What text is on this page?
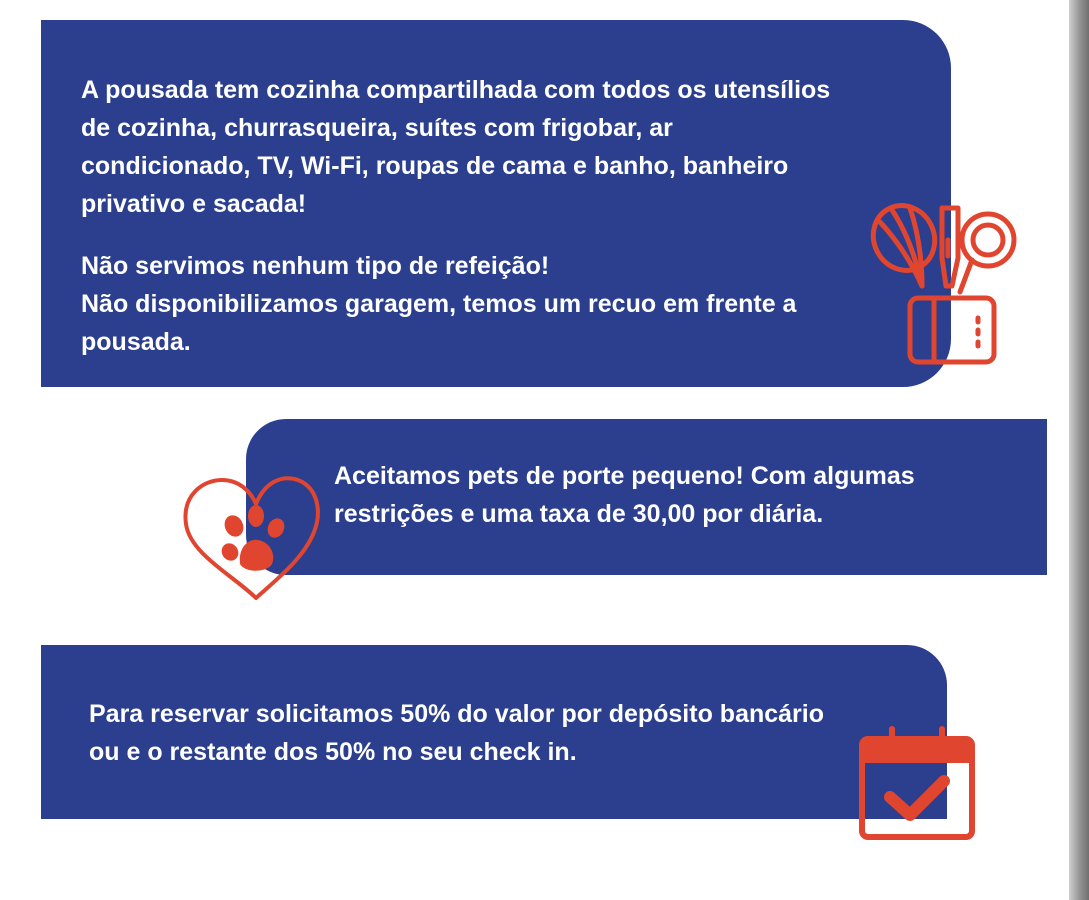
A pousada tem cozinha compartilhada com todos os utensílios
de cozinha, churrasqueira, suítes com frigobar, ar
condicionado, TV, Wi-Fi, roupas de cama e banho, banheiro
privativo e sacada!

Não servimos nenhum tipo de refeição!
Não disponibilizamos garagem, temos um recuo em frente a
pousada.

Aceitamos pets de porte pequeno! Com algumas
restrições e uma taxa de 30,00 por diária.

Para reservar solicitamos 50% do valor por depósito bancário
ou e o restante dos 50% no seu check in.
